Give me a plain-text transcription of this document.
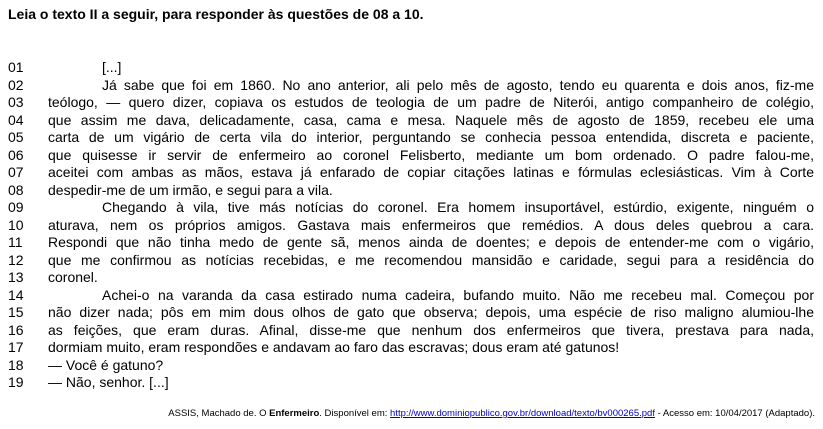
Leia o texto II a seguir, para responder às questões de 08 a 10.
01	[...]
02	Já sabe que foi em 1860. No ano anterior, ali pelo mês de agosto, tendo eu quarenta e dois anos, fiz-me
03	teólogo, — quero dizer, copiava os estudos de teologia de um padre de Niterói, antigo companheiro de colégio,
04	que assim me dava, delicadamente, casa, cama e mesa. Naquele mês de agosto de 1859, recebeu ele uma
05	carta de um vigário de certa vila do interior, perguntando se conhecia pessoa entendida, discreta e paciente,
06	que quisesse ir servir de enfermeiro ao coronel Felisberto, mediante um bom ordenado. O padre falou-me,
07	aceitei com ambas as mãos, estava já enfarado de copiar citações latinas e fórmulas eclesiásticas. Vim à Corte
08	despedir-me de um irmão, e segui para a vila.
09	Chegando à vila, tive más notícias do coronel. Era homem insuportável, estúrdio, exigente, ninguém o
10	aturava, nem os próprios amigos. Gastava mais enfermeiros que remédios. A dous deles quebrou a cara.
11	Respondi que não tinha medo de gente sã, menos ainda de doentes; e depois de entender-me com o vigário,
12	que me confirmou as notícias recebidas, e me recomendou mansidão e caridade, segui para a residência do
13	coronel.
14	Achei-o na varanda da casa estirado numa cadeira, bufando muito. Não me recebeu mal. Começou por
15	não dizer nada; pôs em mim dous olhos de gato que observa; depois, uma espécie de riso maligno alumiou-lhe
16	as feições, que eram duras. Afinal, disse-me que nenhum dos enfermeiros que tivera, prestava para nada,
17	dormiam muito, eram respondões e andavam ao faro das escravas; dous eram até gatunos!
18	— Você é gatuno?
19	— Não, senhor. [...]
ASSIS, Machado de. O Enfermeiro. Disponível em: http://www.dominiopublico.gov.br/download/texto/bv000265.pdf - Acesso em: 10/04/2017 (Adaptado).
